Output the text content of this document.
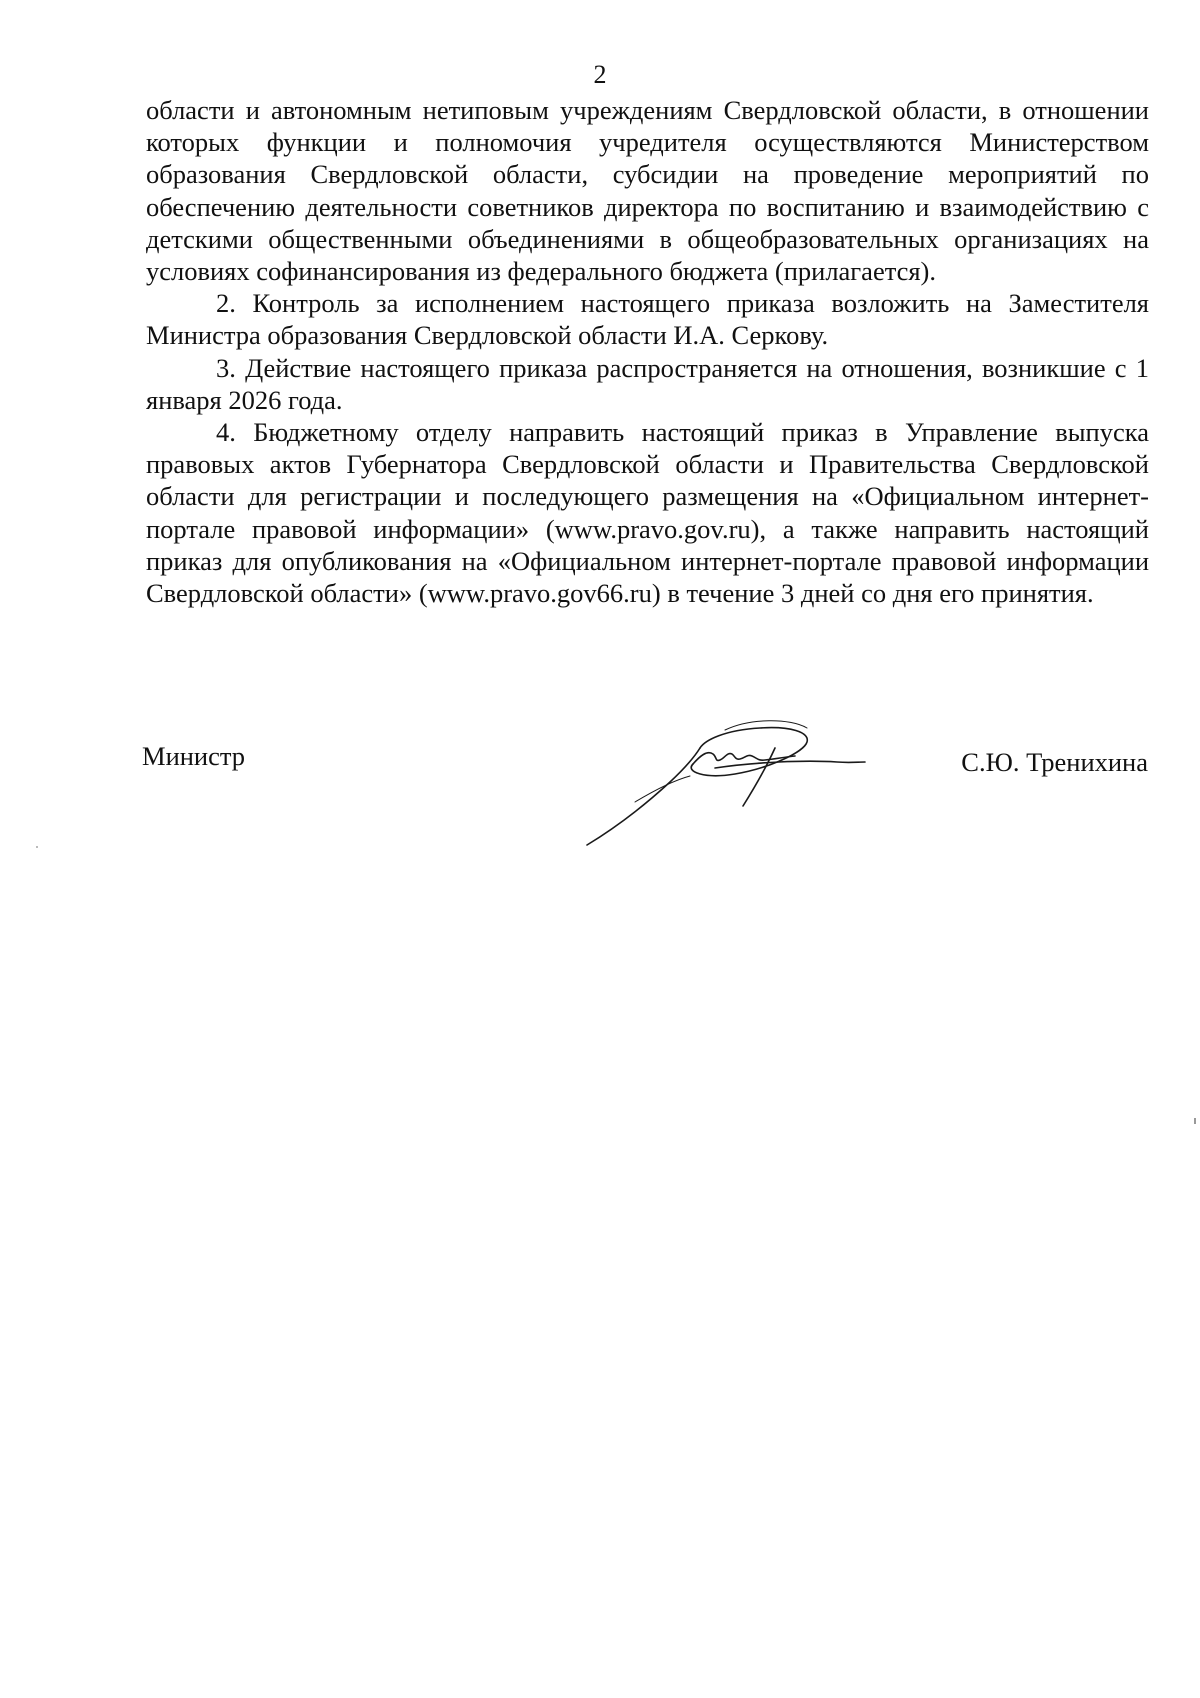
2

области и автономным нетиповым учреждениям Свердловской области, в отношении которых функции и полномочия учредителя осуществляются Министерством образования Свердловской области, субсидии на проведение мероприятий по обеспечению деятельности советников директора по воспитанию и взаимодействию с детскими общественными объединениями в общеобразовательных организациях на условиях софинансирования из федерального бюджета (прилагается).

2. Контроль за исполнением настоящего приказа возложить на Заместителя Министра образования Свердловской области И.А. Серкову.

3. Действие настоящего приказа распространяется на отношения, возникшие с 1 января 2026 года.

4. Бюджетному отделу направить настоящий приказ в Управление выпуска правовых актов Губернатора Свердловской области и Правительства Свердловской области для регистрации и последующего размещения на «Официальном интернет-портале правовой информации» (www.pravo.gov.ru), а также направить настоящий приказ для опубликования на «Официальном интернет-портале правовой информации Свердловской области» (www.pravo.gov66.ru) в течение 3 дней со дня его принятия.

Министр	С.Ю. Тренихина
